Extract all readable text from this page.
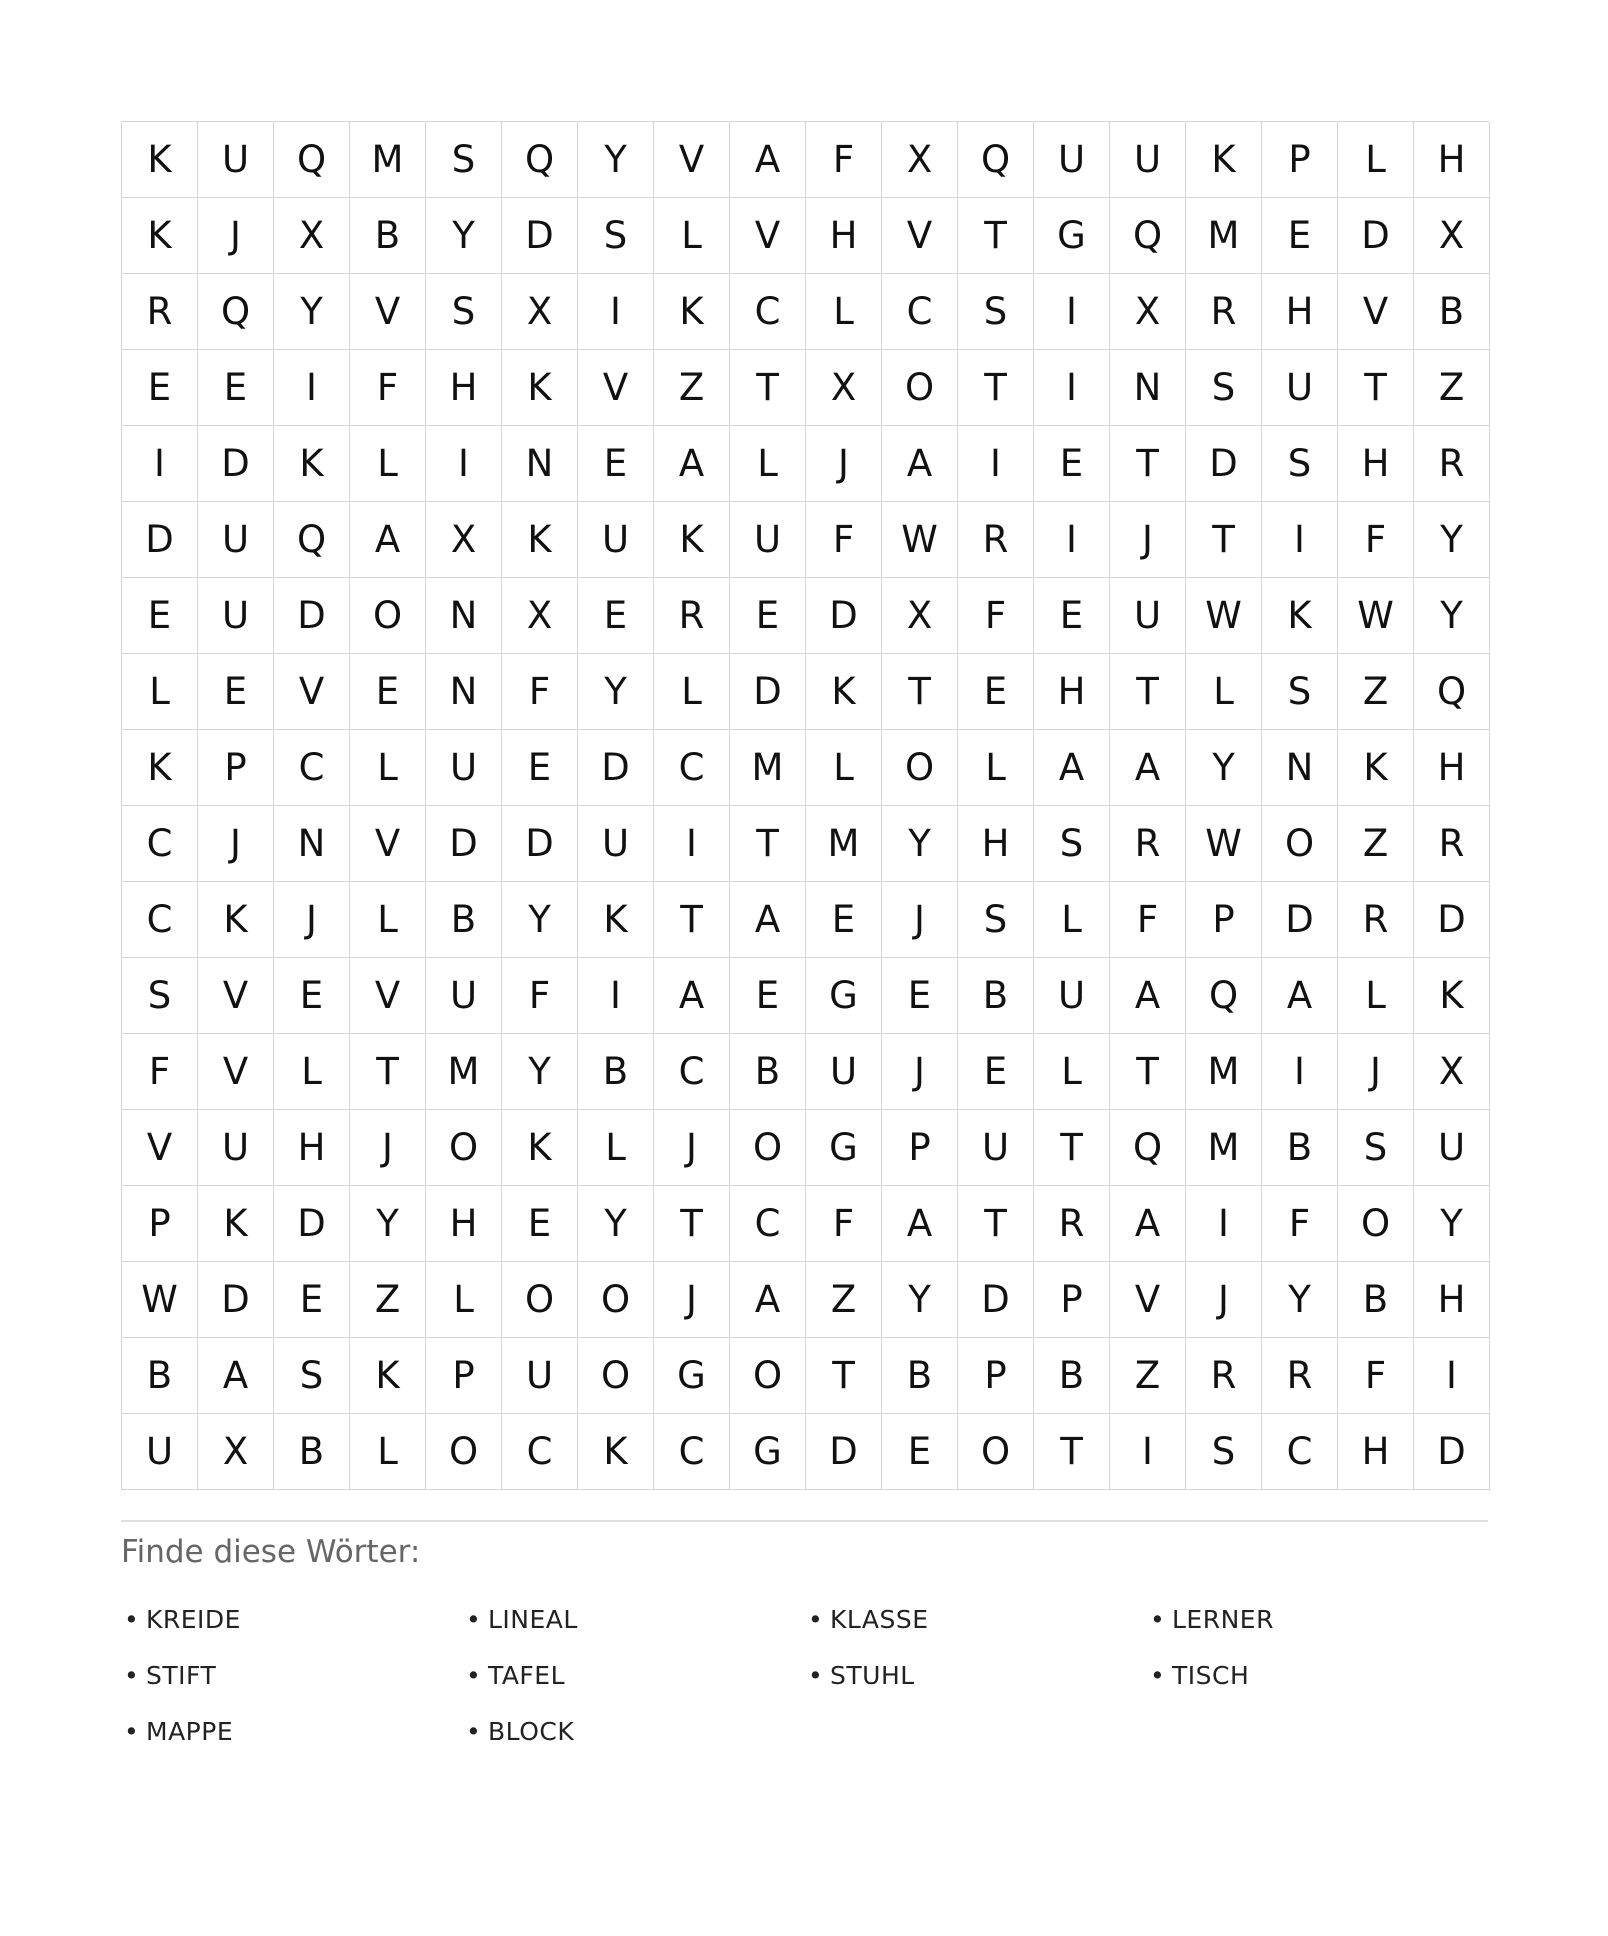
K	U	Q	M	S	Q	Y	V	A	F	X	Q	U	U	K	P	L	H
K	J	X	B	Y	D	S	L	V	H	V	T	G	Q	M	E	D	X
R	Q	Y	V	S	X	I	K	C	L	C	S	I	X	R	H	V	B
E	E	I	F	H	K	V	Z	T	X	O	T	I	N	S	U	T	Z
I	D	K	L	I	N	E	A	L	J	A	I	E	T	D	S	H	R
D	U	Q	A	X	K	U	K	U	F	W	R	I	J	T	I	F	Y
E	U	D	O	N	X	E	R	E	D	X	F	E	U	W	K	W	Y
L	E	V	E	N	F	Y	L	D	K	T	E	H	T	L	S	Z	Q
K	P	C	L	U	E	D	C	M	L	O	L	A	A	Y	N	K	H
C	J	N	V	D	D	U	I	T	M	Y	H	S	R	W	O	Z	R
C	K	J	L	B	Y	K	T	A	E	J	S	L	F	P	D	R	D
S	V	E	V	U	F	I	A	E	G	E	B	U	A	Q	A	L	K
F	V	L	T	M	Y	B	C	B	U	J	E	L	T	M	I	J	X
V	U	H	J	O	K	L	J	O	G	P	U	T	Q	M	B	S	U
P	K	D	Y	H	E	Y	T	C	F	A	T	R	A	I	F	O	Y
W	D	E	Z	L	O	O	J	A	Z	Y	D	P	V	J	Y	B	H
B	A	S	K	P	U	O	G	O	T	B	P	B	Z	R	R	F	I
U	X	B	L	O	C	K	C	G	D	E	O	T	I	S	C	H	D
Finde diese Wörter:
• KREIDE	• LINEAL	• KLASSE	• LERNER
• STIFT	• TAFEL	• STUHL	• TISCH
• MAPPE	• BLOCK
